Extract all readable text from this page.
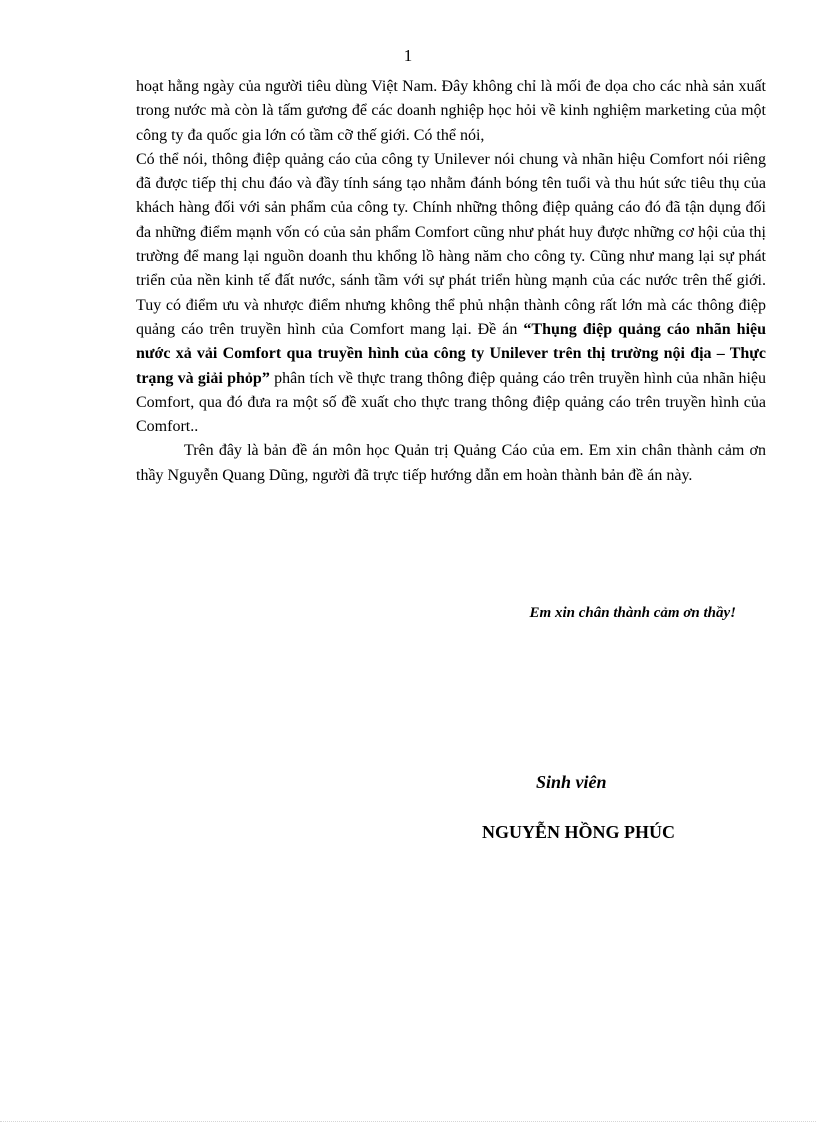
1

hoạt hằng ngày của người tiêu dùng Việt Nam. Đây không chỉ là mối đe dọa cho các nhà sản xuất trong nước mà còn là tấm gương để các doanh nghiệp học hỏi về kinh nghiệm marketing của một công ty đa quốc gia lớn có tầm cỡ thế giới. Có thể nói,

Có thể nói, thông điệp quảng cáo của công ty Unilever nói chung và nhãn hiệu Comfort nói riêng đã được tiếp thị chu đáo và đầy tính sáng tạo nhằm đánh bóng tên tuổi và thu hút sức tiêu thụ của khách hàng đối với sản phẩm của công ty. Chính những thông điệp quảng cáo đó đã tận dụng đối đa những điểm mạnh vốn có của sản phẩm Comfort cũng như phát huy được những cơ hội của thị trường để mang lại nguồn doanh thu khổng lồ hàng năm cho công ty. Cũng như mang lại sự phát triển của nền kinh tế đất nước, sánh tầm với sự phát triển hùng mạnh của các nước trên thế giới. Tuy có điểm ưu và nhược điểm nhưng không thể phủ nhận thành công rất lớn mà các thông điệp quảng cáo trên truyền hình của Comfort mang lại. Đề án “Thụng điệp quảng cáo nhãn hiệu nước xả vải Comfort qua truyền hình của công ty Unilever trên thị trường nội địa – Thực trạng và giải phỏp” phân tích về thực trang thông điệp quảng cáo trên truyền hình của nhãn hiệu Comfort, qua đó đưa ra một số đề xuất cho thực trang thông điệp quảng cáo trên truyền hình của Comfort..

Trên đây là bản đề án môn học Quản trị Quảng Cáo của em. Em xin chân thành cảm ơn thầy Nguyễn Quang Dũng, người đã trực tiếp hướng dẫn em hoàn thành bản đề án này.

Em xin chân thành cảm ơn thầy!
Sinh viên
NGUYỄN HỒNG PHÚC
